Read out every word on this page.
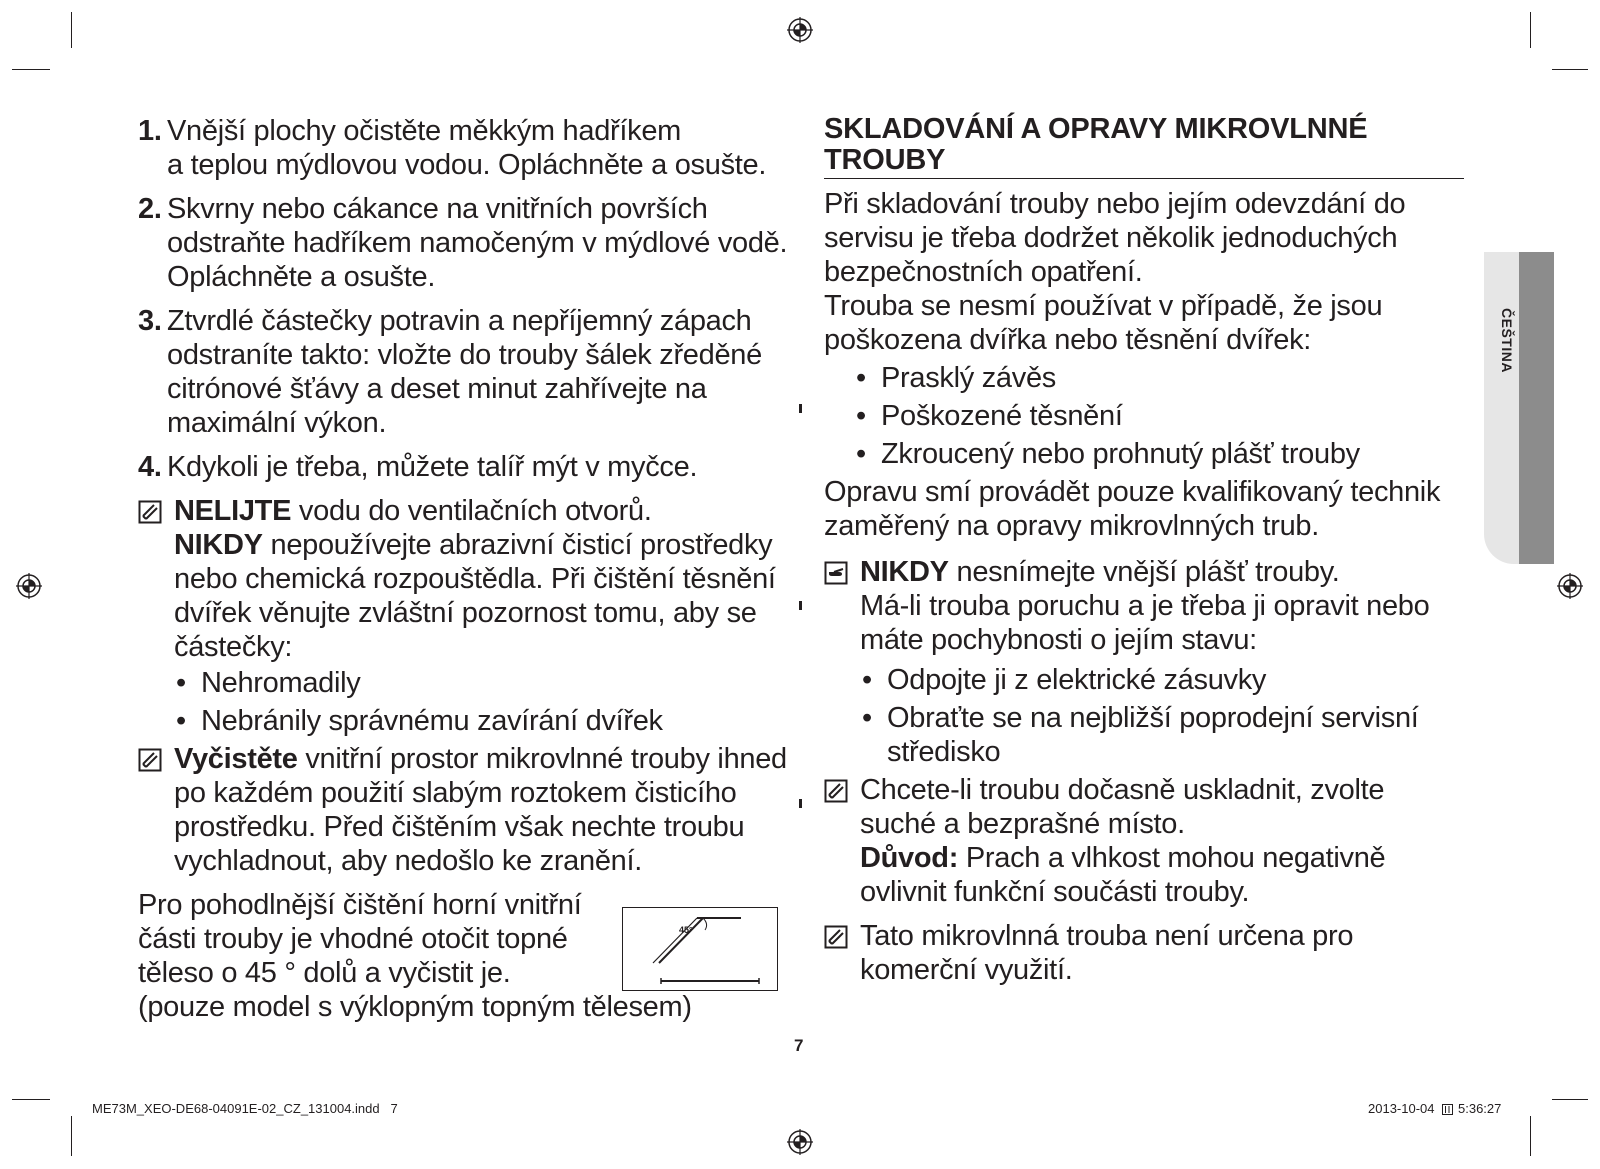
1. Vnější plochy očistěte měkkým hadříkem
a teplou mýdlovou vodou. Opláchněte a osušte.
2. Skvrny nebo cákance na vnitřních površích odstraňte hadříkem namočeným v mýdlové vodě. Opláchněte a osušte.
3. Ztvrdlé částečky potravin a nepříjemný zápach odstraníte takto: vložte do trouby šálek zředěné citrónové šťávy a deset minut zahřívejte na maximální výkon.
4. Kdykoli je třeba, můžete talíř mýt v myčce.
NELIJTE vodu do ventilačních otvorů.
NIKDY nepoužívejte abrazivní čisticí prostředky nebo chemická rozpouštědla. Při čištění těsnění dvířek věnujte zvláštní pozornost tomu, aby se částečky:
• Nehromadily
• Nebránily správnému zavírání dvířek
Vyčistěte vnitřní prostor mikrovlnné trouby ihned po každém použití slabým roztokem čisticího prostředku. Před čištěním však nechte troubu vychladnout, aby nedošlo ke zranění.
Pro pohodlnější čištění horní vnitřní části trouby je vhodné otočit topné těleso o 45 ° dolů a vyčistit je.
(pouze model s výklopným topným tělesem)
45°
SKLADOVÁNÍ A OPRAVY MIKROVLNNÉ TROUBY
Při skladování trouby nebo jejím odevzdání do servisu je třeba dodržet několik jednoduchých bezpečnostních opatření.
Trouba se nesmí používat v případě, že jsou poškozena dvířka nebo těsnění dvířek:
• Prasklý závěs
• Poškozené těsnění
• Zkroucený nebo prohnutý plášť trouby
Opravu smí provádět pouze kvalifikovaný technik zaměřený na opravy mikrovlnných trub.
NIKDY nesnímejte vnější plášť trouby.
Má-li trouba poruchu a je třeba ji opravit nebo máte pochybnosti o jejím stavu:
• Odpojte ji z elektrické zásuvky
• Obraťte se na nejbližší poprodejní servisní středisko
Chcete-li troubu dočasně uskladnit, zvolte suché a bezprašné místo.
Důvod: Prach a vlhkost mohou negativně ovlivnit funkční součásti trouby.
Tato mikrovlnná trouba není určena pro komerční využití.
ČEŠTINA
7
ME73M_XEO-DE68-04091E-02_CZ_131004.indd   7	2013-10-04 5:36:27
